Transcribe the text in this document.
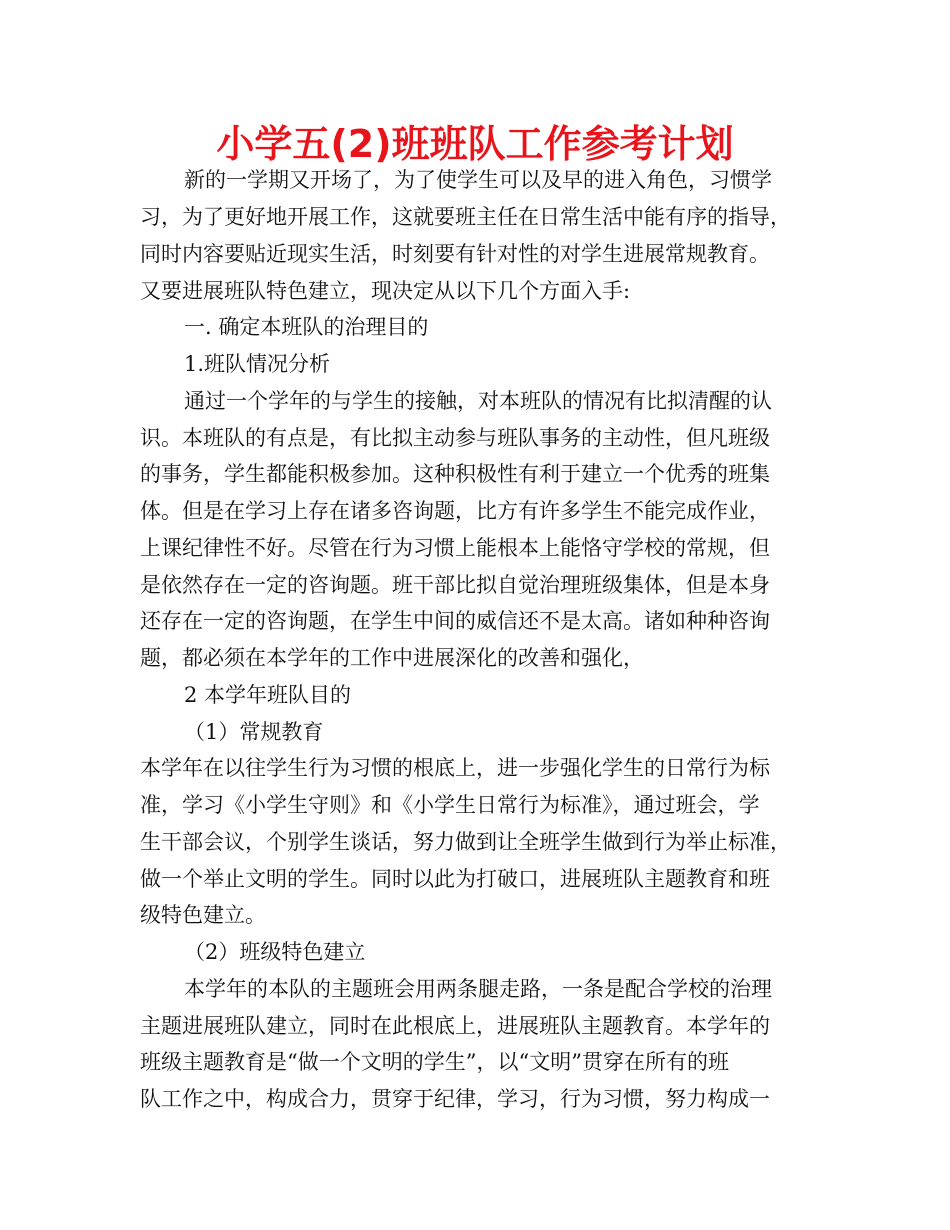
小学五(2)班班队工作参考计划
新的一学期又开场了，为了使学生可以及早的进入角色，习惯学
习，为了更好地开展工作，这就要班主任在日常生活中能有序的指导，
同时内容要贴近现实生活，时刻要有针对性的对学生进展常规教育。
又要进展班队特色建立，现决定从以下几个方面入手:
一. 确定本班队的治理目的
1.班队情况分析
通过一个学年的与学生的接触，对本班队的情况有比拟清醒的认
识。本班队的有点是，有比拟主动参与班队事务的主动性，但凡班级
的事务，学生都能积极参加。这种积极性有利于建立一个优秀的班集
体。但是在学习上存在诸多咨询题，比方有许多学生不能完成作业，
上课纪律性不好。尽管在行为习惯上能根本上能恪守学校的常规，但
是依然存在一定的咨询题。班干部比拟自觉治理班级集体，但是本身
还存在一定的咨询题，在学生中间的威信还不是太高。诸如种种咨询
题，都必须在本学年的工作中进展深化的改善和强化，
2 本学年班队目的
（1）常规教育
本学年在以往学生行为习惯的根底上，进一步强化学生的日常行为标
准，学习《小学生守则》和《小学生日常行为标准》，通过班会，学
生干部会议，个别学生谈话，努力做到让全班学生做到行为举止标准，
做一个举止文明的学生。同时以此为打破口，进展班队主题教育和班
级特色建立。
（2）班级特色建立
本学年的本队的主题班会用两条腿走路，一条是配合学校的治理
主题进展班队建立，同时在此根底上，进展班队主题教育。本学年的
班级主题教育是“做一个文明的学生”，以“文明”贯穿在所有的班
队工作之中，构成合力，贯穿于纪律，学习，行为习惯，努力构成一
